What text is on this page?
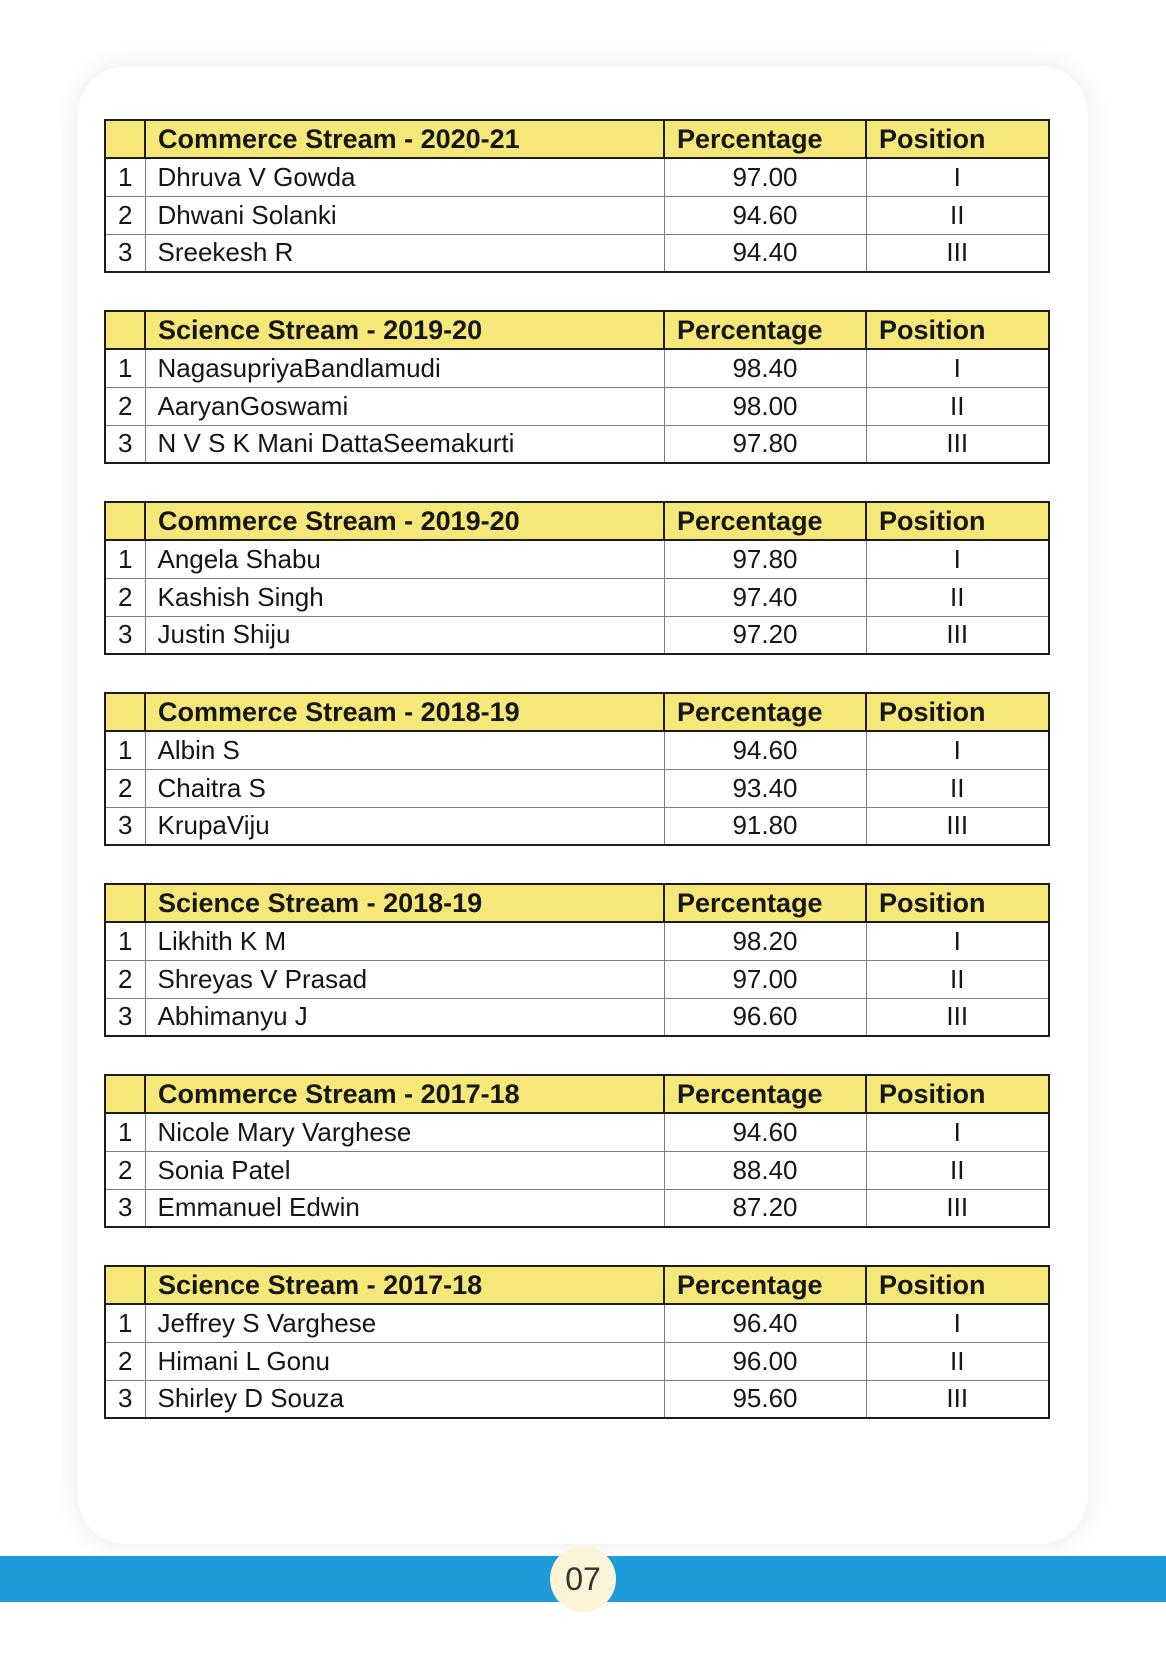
	Commerce Stream - 2020-21	Percentage	Position
1	Dhruva V Gowda	97.00	I
2	Dhwani Solanki	94.60	II
3	Sreekesh R	94.40	III
	Science Stream - 2019-20	Percentage	Position
1	NagasupriyaBandlamudi	98.40	I
2	AaryanGoswami	98.00	II
3	N V S K Mani DattaSeemakurti	97.80	III
	Commerce Stream - 2019-20	Percentage	Position
1	Angela Shabu	97.80	I
2	Kashish Singh	97.40	II
3	Justin Shiju	97.20	III
	Commerce Stream - 2018-19	Percentage	Position
1	Albin S	94.60	I
2	Chaitra S	93.40	II
3	KrupaViju	91.80	III
	Science Stream - 2018-19	Percentage	Position
1	Likhith K M	98.20	I
2	Shreyas V Prasad	97.00	II
3	Abhimanyu J	96.60	III
	Commerce Stream - 2017-18	Percentage	Position
1	Nicole Mary Varghese	94.60	I
2	Sonia Patel	88.40	II
3	Emmanuel Edwin	87.20	III
	Science Stream - 2017-18	Percentage	Position
1	Jeffrey S Varghese	96.40	I
2	Himani L Gonu	96.00	II
3	Shirley D Souza	95.60	III
07
